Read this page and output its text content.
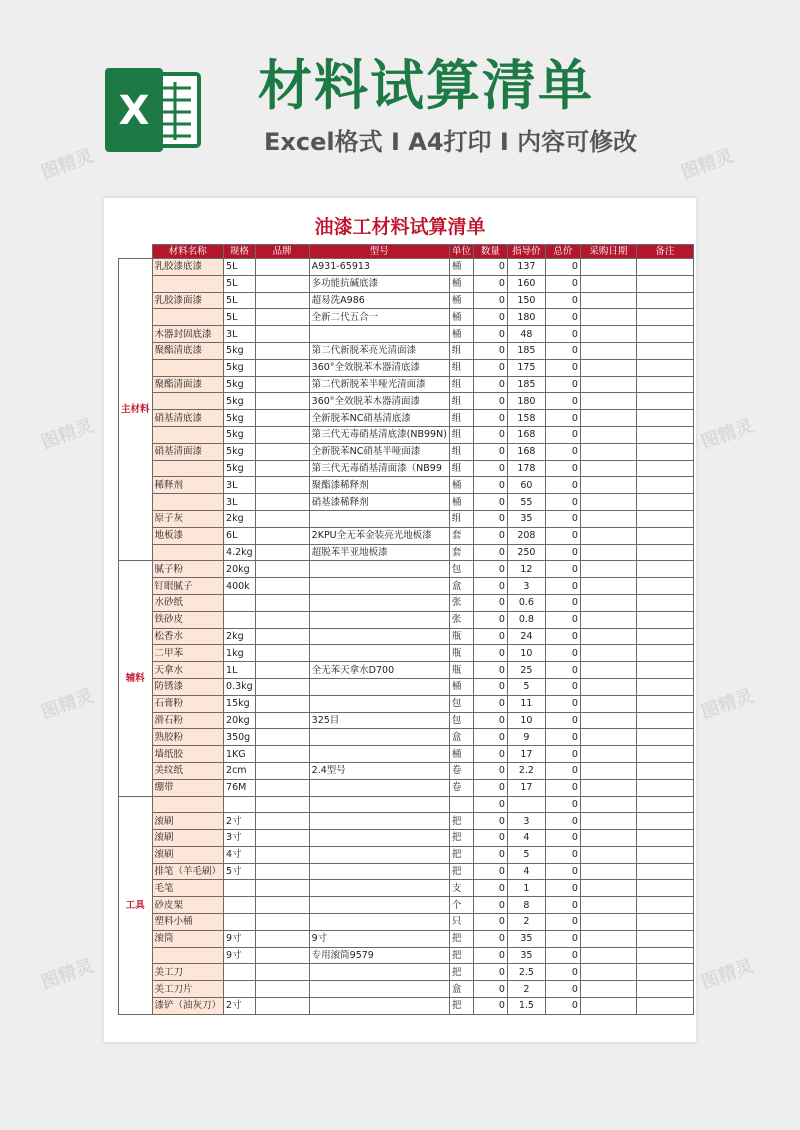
X 材料试算清单
Excel格式 I A4打印 I 内容可修改
图精灵	图精灵
图精灵	图精灵
图精灵	图精灵
图精灵	图精灵
油漆工材料试算清单
	材料名称	规格	品牌	型号	单位	数量	指导价	总价	采购日期	备注
主材料	乳胶漆底漆	5L		A931-65913	桶	0	137	0		
		5L		多功能抗碱底漆	桶	0	160	0		
	乳胶漆面漆	5L		超易洗A986	桶	0	150	0		
		5L		全新二代五合一	桶	0	180	0		
	木器封固底漆	3L			桶	0	48	0		
	聚酯清底漆	5kg		第二代新脱苯亮光清面漆	组	0	185	0		
		5kg		360°全效脱苯木器清底漆	组	0	175	0		
	聚酯清面漆	5kg		第二代新脱苯半哑光清面漆	组	0	185	0		
		5kg		360°全效脱苯木器清面漆	组	0	180	0		
	硝基清底漆	5kg		全新脱苯NC硝基清底漆	组	0	158	0		
		5kg		第三代无毒硝基清底漆(NB99N)	组	0	168	0		
	硝基清面漆	5kg		全新脱苯NC硝基半哑面漆	组	0	168	0		
		5kg		第三代无毒硝基清面漆（NB99	组	0	178	0		
	稀释剂	3L		聚酯漆稀释剂	桶	0	60	0		
		3L		硝基漆稀释剂	桶	0	55	0		
	原子灰	2kg			组	0	35	0		
	地板漆	6L		2KPU全无苯金装亮光地板漆	套	0	208	0		
		4.2kg		超脱苯半亚地板漆	套	0	250	0		
辅料	腻子粉	20kg			包	0	12	0		
	钉眼腻子	400k			盒	0	3	0		
	水砂纸				张	0	0.6	0		
	铁砂皮				张	0	0.8	0		
	松香水	2kg			瓶	0	24	0		
	二甲苯	1kg			瓶	0	10	0		
	天拿水	1L		全无苯天拿水D700	瓶	0	25	0		
	防锈漆	0.3kg			桶	0	5	0		
	石膏粉	15kg			包	0	11	0		
	滑石粉	20kg		325目	包	0	10	0		
	熟胶粉	350g			盒	0	9	0		
	墙纸胶	1KG			桶	0	17	0		
	美纹纸	2cm		2.4型号	卷	0	2.2	0		
	绷带	76M			卷	0	17	0		
工具						0		0		
	滚刷	2寸			把	0	3	0		
	滚刷	3寸			把	0	4	0		
	滚刷	4寸			把	0	5	0		
	排笔（羊毛刷）	5寸			把	0	4	0		
	毛笔				支	0	1	0		
	砂皮架				个	0	8	0		
	塑料小桶				只	0	2	0		
	滚筒	9寸		9寸	把	0	35	0		
		9寸		专用滚筒9579	把	0	35	0		
	美工刀				把	0	2.5	0		
	美工刀片				盒	0	2	0		
	漆铲（油灰刀）	2寸			把	0	1.5	0		
